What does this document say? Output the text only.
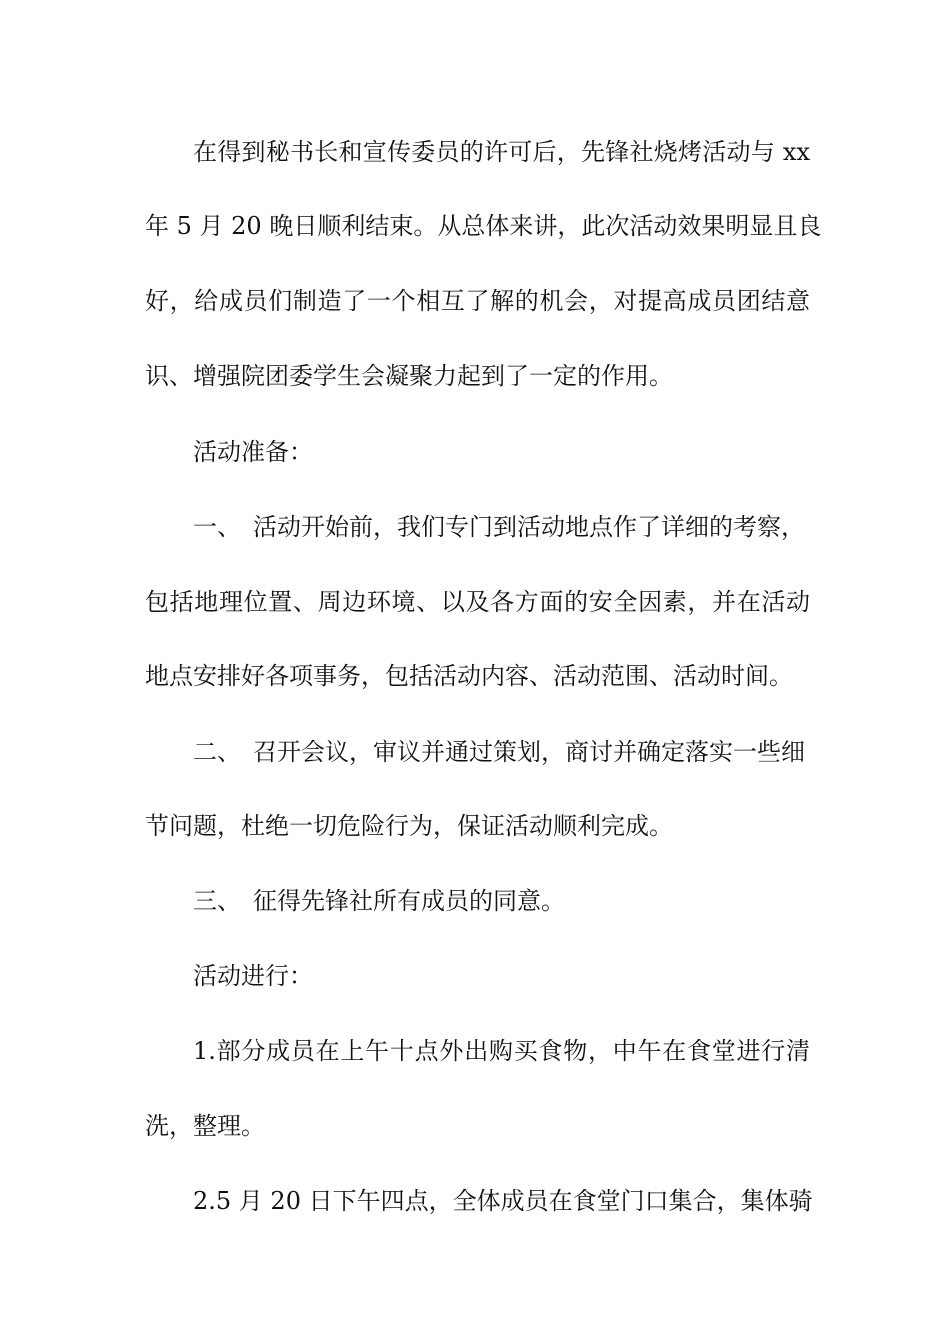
在得到秘书长和宣传委员的许可后，先锋社烧烤活动与 xx
年 5 月 20 晚日顺利结束。从总体来讲，此次活动效果明显且良
好，给成员们制造了一个相互了解的机会，对提高成员团结意
识、增强院团委学生会凝聚力起到了一定的作用。
活动准备：
一、 活动开始前，我们专门到活动地点作了详细的考察，
包括地理位置、周边环境、以及各方面的安全因素，并在活动
地点安排好各项事务，包括活动内容、活动范围、活动时间。
二、 召开会议，审议并通过策划，商讨并确定落实一些细
节问题，杜绝一切危险行为，保证活动顺利完成。
三、 征得先锋社所有成员的同意。
活动进行：
1.部分成员在上午十点外出购买食物，中午在食堂进行清
洗，整理。
2.5 月 20 日下午四点，全体成员在食堂门口集合，集体骑
